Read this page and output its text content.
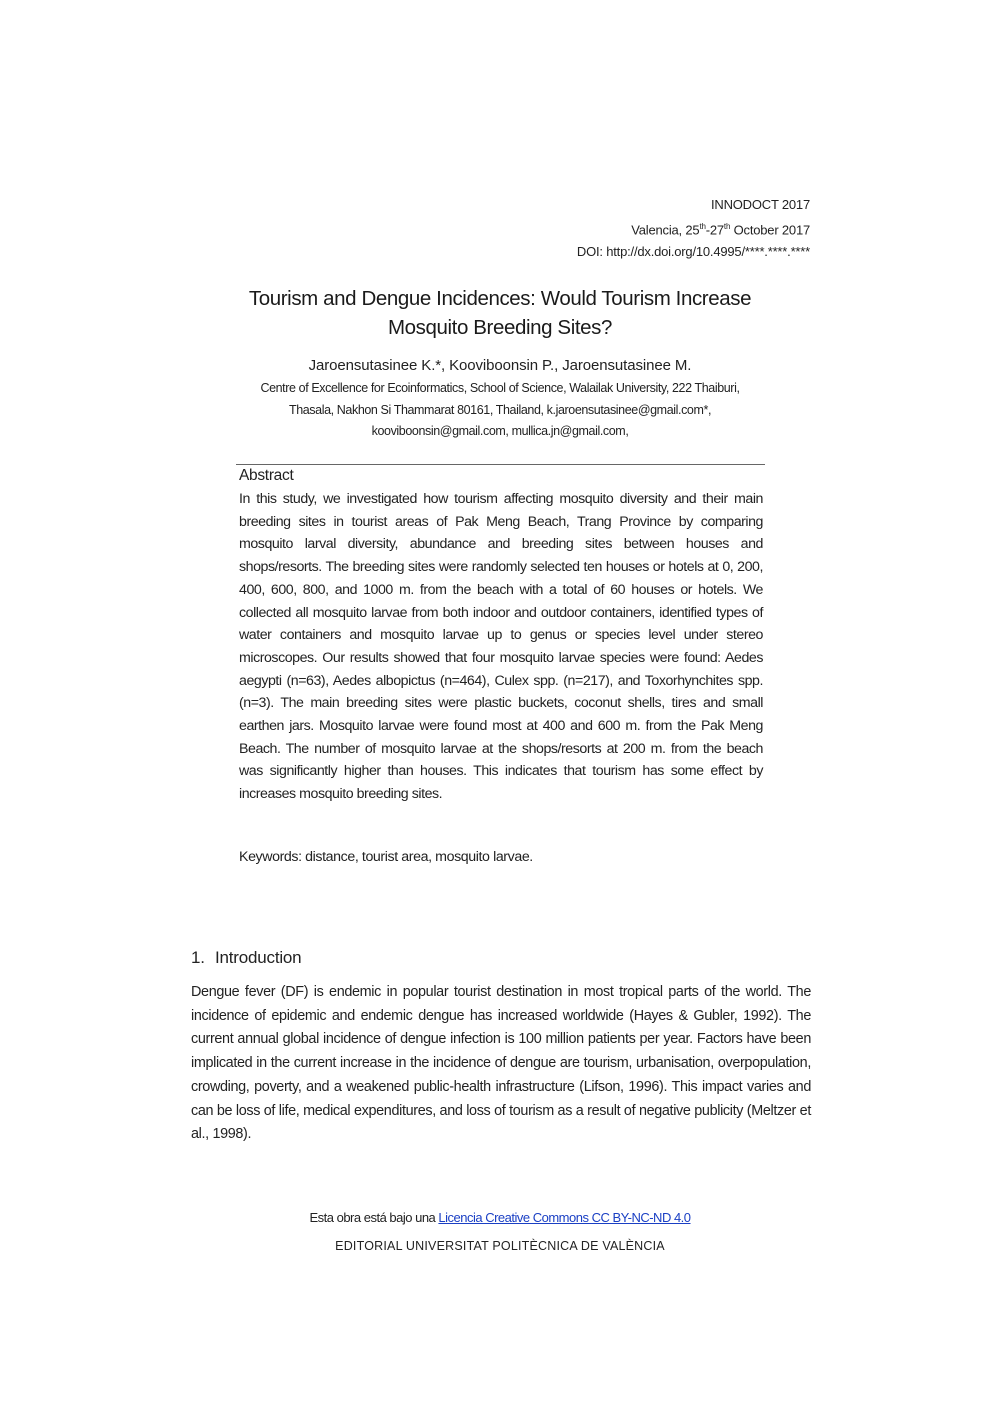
INNODOCT 2017
Valencia, 25th-27th October 2017
DOI: http://dx.doi.org/10.4995/****.****.****
Tourism and Dengue Incidences: Would Tourism Increase
Mosquito Breeding Sites?
Jaroensutasinee K.*, Kooviboonsin P., Jaroensutasinee M.
Centre of Excellence for Ecoinformatics, School of Science, Walailak University, 222 Thaiburi,
Thasala, Nakhon Si Thammarat 80161, Thailand, k.jaroensutasinee@gmail.com*,
kooviboonsin@gmail.com, mullica.jn@gmail.com,
Abstract
In this study, we investigated how tourism affecting mosquito diversity and their main breeding sites in tourist areas of Pak Meng Beach, Trang Province by comparing mosquito larval diversity, abundance and breeding sites between houses and shops/resorts. The breeding sites were randomly selected ten houses or hotels at 0, 200, 400, 600, 800, and 1000 m. from the beach with a total of 60 houses or hotels. We collected all mosquito larvae from both indoor and outdoor containers, identified types of water containers and mosquito larvae up to genus or species level under stereo microscopes. Our results showed that four mosquito larvae species were found: Aedes aegypti (n=63), Aedes albopictus (n=464), Culex spp. (n=217), and Toxorhynchites spp. (n=3). The main breeding sites were plastic buckets, coconut shells, tires and small earthen jars. Mosquito larvae were found most at 400 and 600 m. from the Pak Meng Beach. The number of mosquito larvae at the shops/resorts at 200 m. from the beach was significantly higher than houses. This indicates that tourism has some effect by increases mosquito breeding sites.
Keywords: distance, tourist area, mosquito larvae.
1. Introduction
Dengue fever (DF) is endemic in popular tourist destination in most tropical parts of the world. The incidence of epidemic and endemic dengue has increased worldwide (Hayes & Gubler, 1992). The current annual global incidence of dengue infection is 100 million patients per year. Factors have been implicated in the current increase in the incidence of dengue are tourism, urbanisation, overpopulation, crowding, poverty, and a weakened public-health infrastructure (Lifson, 1996). This impact varies and can be loss of life, medical expenditures, and loss of tourism as a result of negative publicity (Meltzer et al., 1998).
Esta obra está bajo una Licencia Creative Commons CC BY-NC-ND 4.0
EDITORIAL UNIVERSITAT POLITÈCNICA DE VALÈNCIA
